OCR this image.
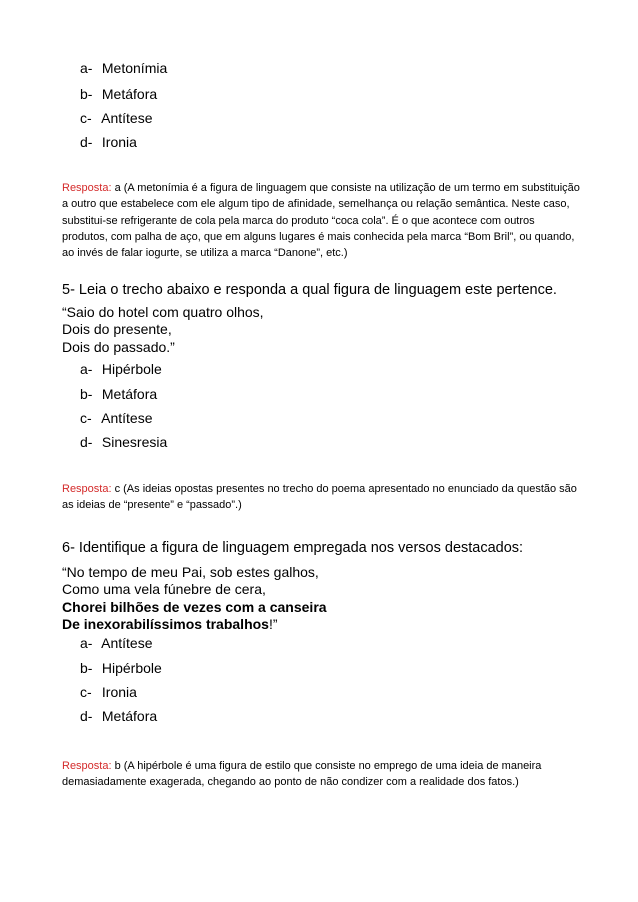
a- Metonímia
b- Metáfora
c- Antítese
d- Ironia
Resposta: a (A metonímia é a figura de linguagem que consiste na utilização de um termo em substituição a outro que estabelece com ele algum tipo de afinidade, semelhança ou relação semântica. Neste caso, substitui-se refrigerante de cola pela marca do produto “coca cola”. É o que acontece com outros produtos, com palha de aço, que em alguns lugares é mais conhecida pela marca “Bom Bril”, ou quando, ao invés de falar iogurte, se utiliza a marca “Danone”, etc.)
5- Leia o trecho abaixo e responda a qual figura de linguagem este pertence.
“Saio do hotel com quatro olhos,
Dois do presente,
Dois do passado.”
a- Hipérbole
b- Metáfora
c- Antítese
d- Sinesresia
Resposta: c (As ideias opostas presentes no trecho do poema apresentado no enunciado da questão são as ideias de “presente” e “passado”.)
6- Identifique a figura de linguagem empregada nos versos destacados:
“No tempo de meu Pai, sob estes galhos,
Como uma vela fúnebre de cera,
Chorei bilhões de vezes com a canseira
De inexorabilíssimos trabalhos!”
a- Antítese
b- Hipérbole
c- Ironia
d- Metáfora
Resposta: b (A hipérbole é uma figura de estilo que consiste no emprego de uma ideia de maneira demasiadamente exagerada, chegando ao ponto de não condizer com a realidade dos fatos.)
